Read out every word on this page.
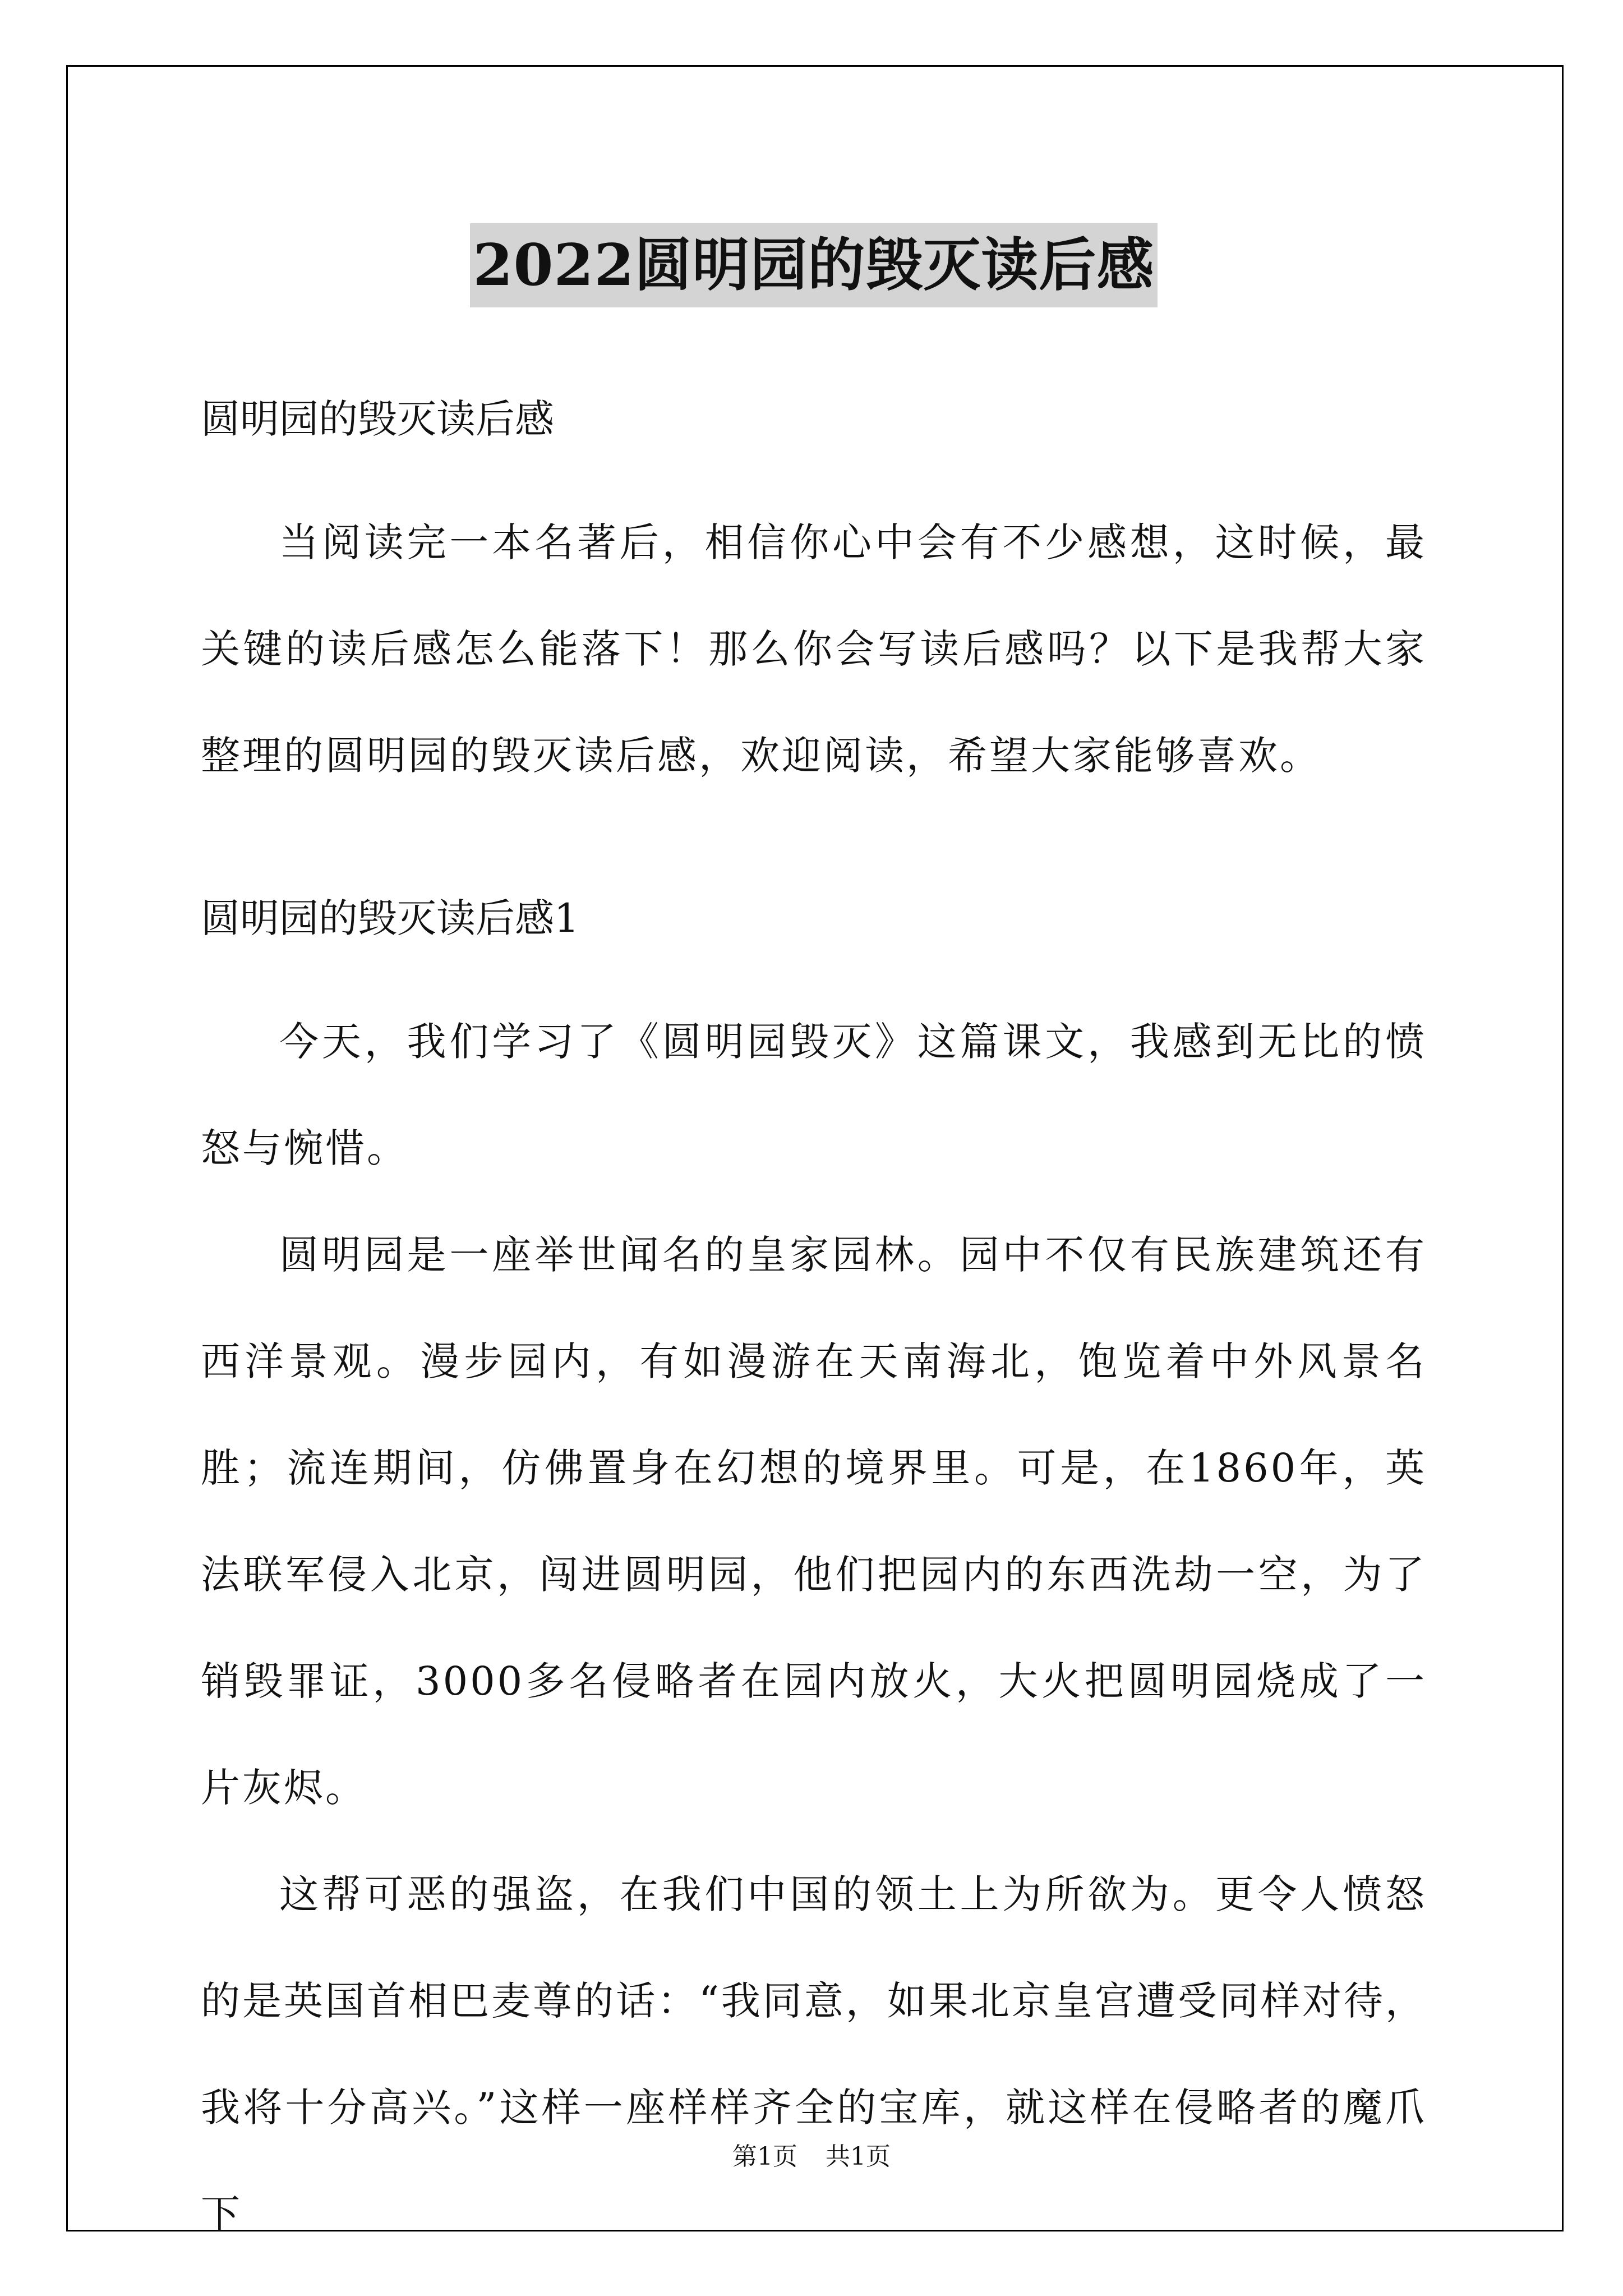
2022圆明园的毁灭读后感

圆明园的毁灭读后感

当阅读完一本名著后，相信你心中会有不少感想，这时候，最关键的读后感怎么能落下！那么你会写读后感吗？以下是我帮大家整理的圆明园的毁灭读后感，欢迎阅读，希望大家能够喜欢。

圆明园的毁灭读后感1

今天，我们学习了《圆明园毁灭》这篇课文，我感到无比的愤怒与惋惜。

圆明园是一座举世闻名的皇家园林。园中不仅有民族建筑还有西洋景观。漫步园内，有如漫游在天南海北，饱览着中外风景名胜；流连期间，仿佛置身在幻想的境界里。可是，在1860年，英法联军侵入北京，闯进圆明园，他们把园内的东西洗劫一空，为了销毁罪证，3000多名侵略者在园内放火，大火把圆明园烧成了一片灰烬。

这帮可恶的强盗，在我们中国的领土上为所欲为。更令人愤怒的是英国首相巴麦尊的话：“我同意，如果北京皇宫遭受同样对待，我将十分高兴。”这样一座样样齐全的宝库，就这样在侵略者的魔爪下

第1页 共1页
